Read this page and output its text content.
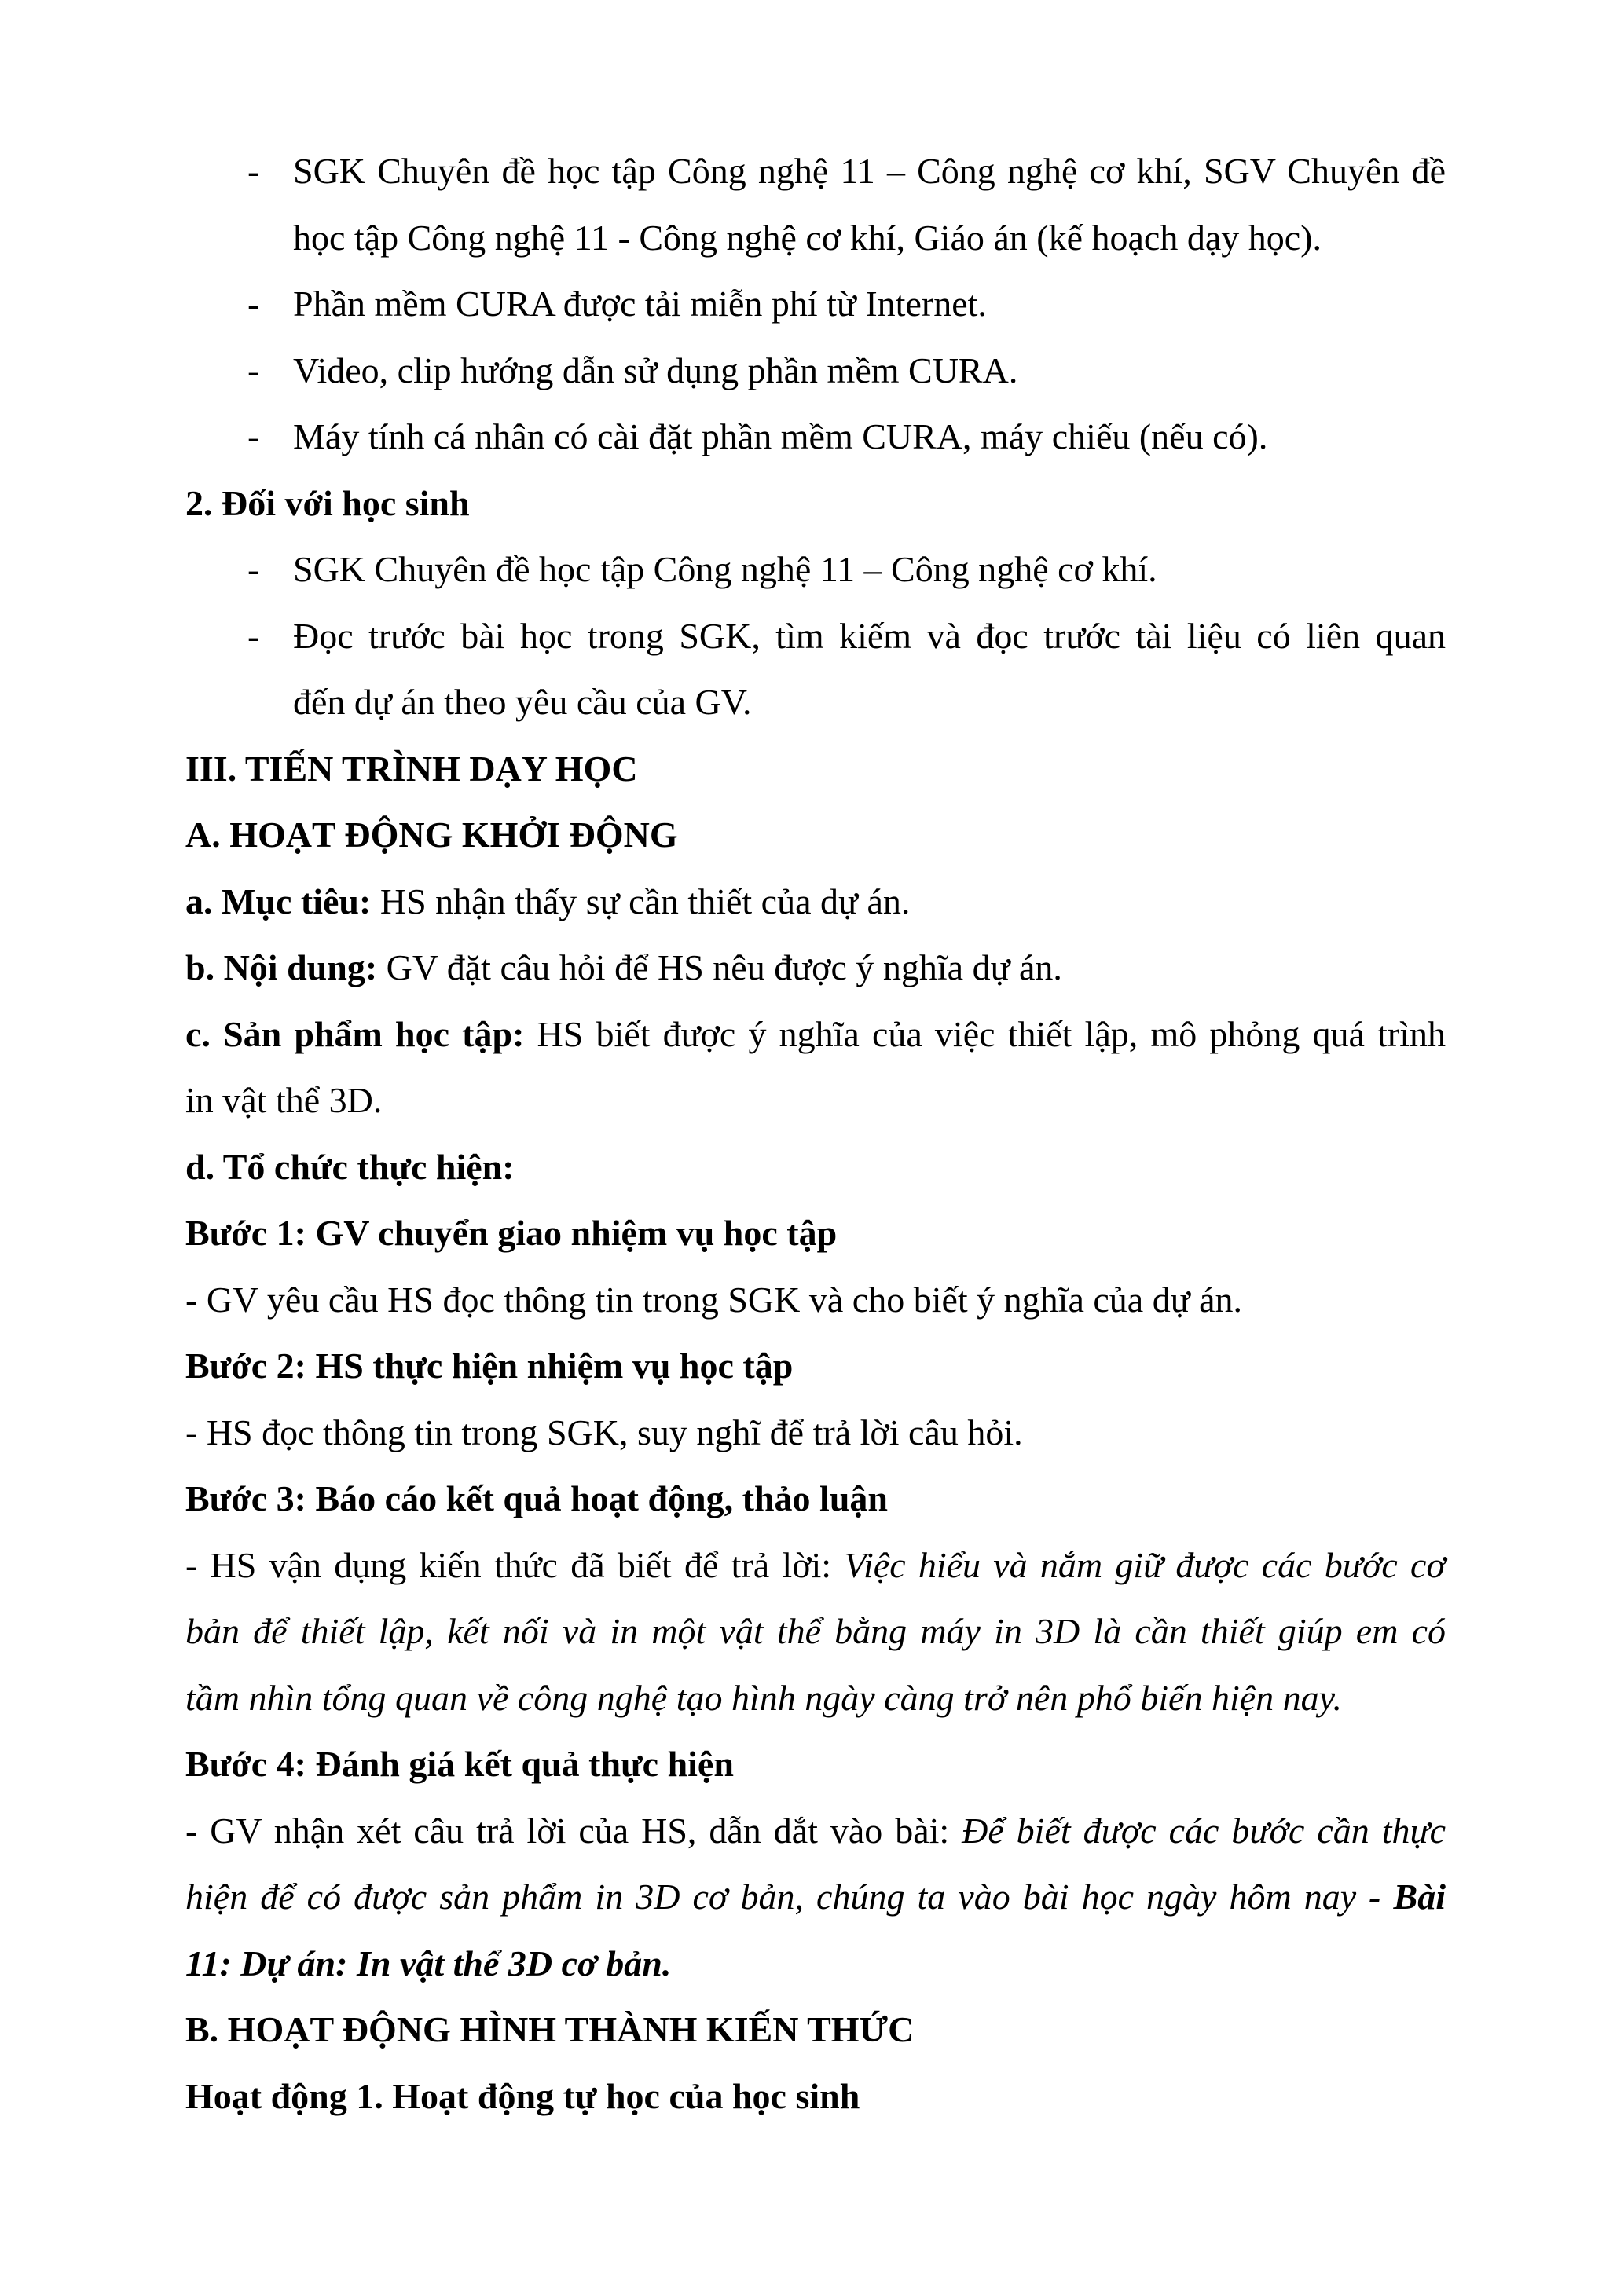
- SGK Chuyên đề học tập Công nghệ 11 – Công nghệ cơ khí, SGV Chuyên đề
học tập Công nghệ 11 - Công nghệ cơ khí, Giáo án (kế hoạch dạy học).
- Phần mềm CURA được tải miễn phí từ Internet.
- Video, clip hướng dẫn sử dụng phần mềm CURA.
- Máy tính cá nhân có cài đặt phần mềm CURA, máy chiếu (nếu có).
2. Đối với học sinh
- SGK Chuyên đề học tập Công nghệ 11 – Công nghệ cơ khí.
- Đọc trước bài học trong SGK, tìm kiếm và đọc trước tài liệu có liên quan
đến dự án theo yêu cầu của GV.
III. TIẾN TRÌNH DẠY HỌC
A. HOẠT ĐỘNG KHỞI ĐỘNG
a. Mục tiêu: HS nhận thấy sự cần thiết của dự án.
b. Nội dung: GV đặt câu hỏi để HS nêu được ý nghĩa dự án.
c. Sản phẩm học tập: HS biết được ý nghĩa của việc thiết lập, mô phỏng quá trình
in vật thể 3D.
d. Tổ chức thực hiện:
Bước 1: GV chuyển giao nhiệm vụ học tập
- GV yêu cầu HS đọc thông tin trong SGK và cho biết ý nghĩa của dự án.
Bước 2: HS thực hiện nhiệm vụ học tập
- HS đọc thông tin trong SGK, suy nghĩ để trả lời câu hỏi.
Bước 3: Báo cáo kết quả hoạt động, thảo luận
- HS vận dụng kiến thức đã biết để trả lời: Việc hiểu và nắm giữ được các bước cơ
bản để thiết lập, kết nối và in một vật thể bằng máy in 3D là cần thiết giúp em có
tầm nhìn tổng quan về công nghệ tạo hình ngày càng trở nên phổ biến hiện nay.
Bước 4: Đánh giá kết quả thực hiện
- GV nhận xét câu trả lời của HS, dẫn dắt vào bài: Để biết được các bước cần thực
hiện để có được sản phẩm in 3D cơ bản, chúng ta vào bài học ngày hôm nay - Bài
11: Dự án: In vật thể 3D cơ bản.
B. HOẠT ĐỘNG HÌNH THÀNH KIẾN THỨC
Hoạt động 1. Hoạt động tự học của học sinh
